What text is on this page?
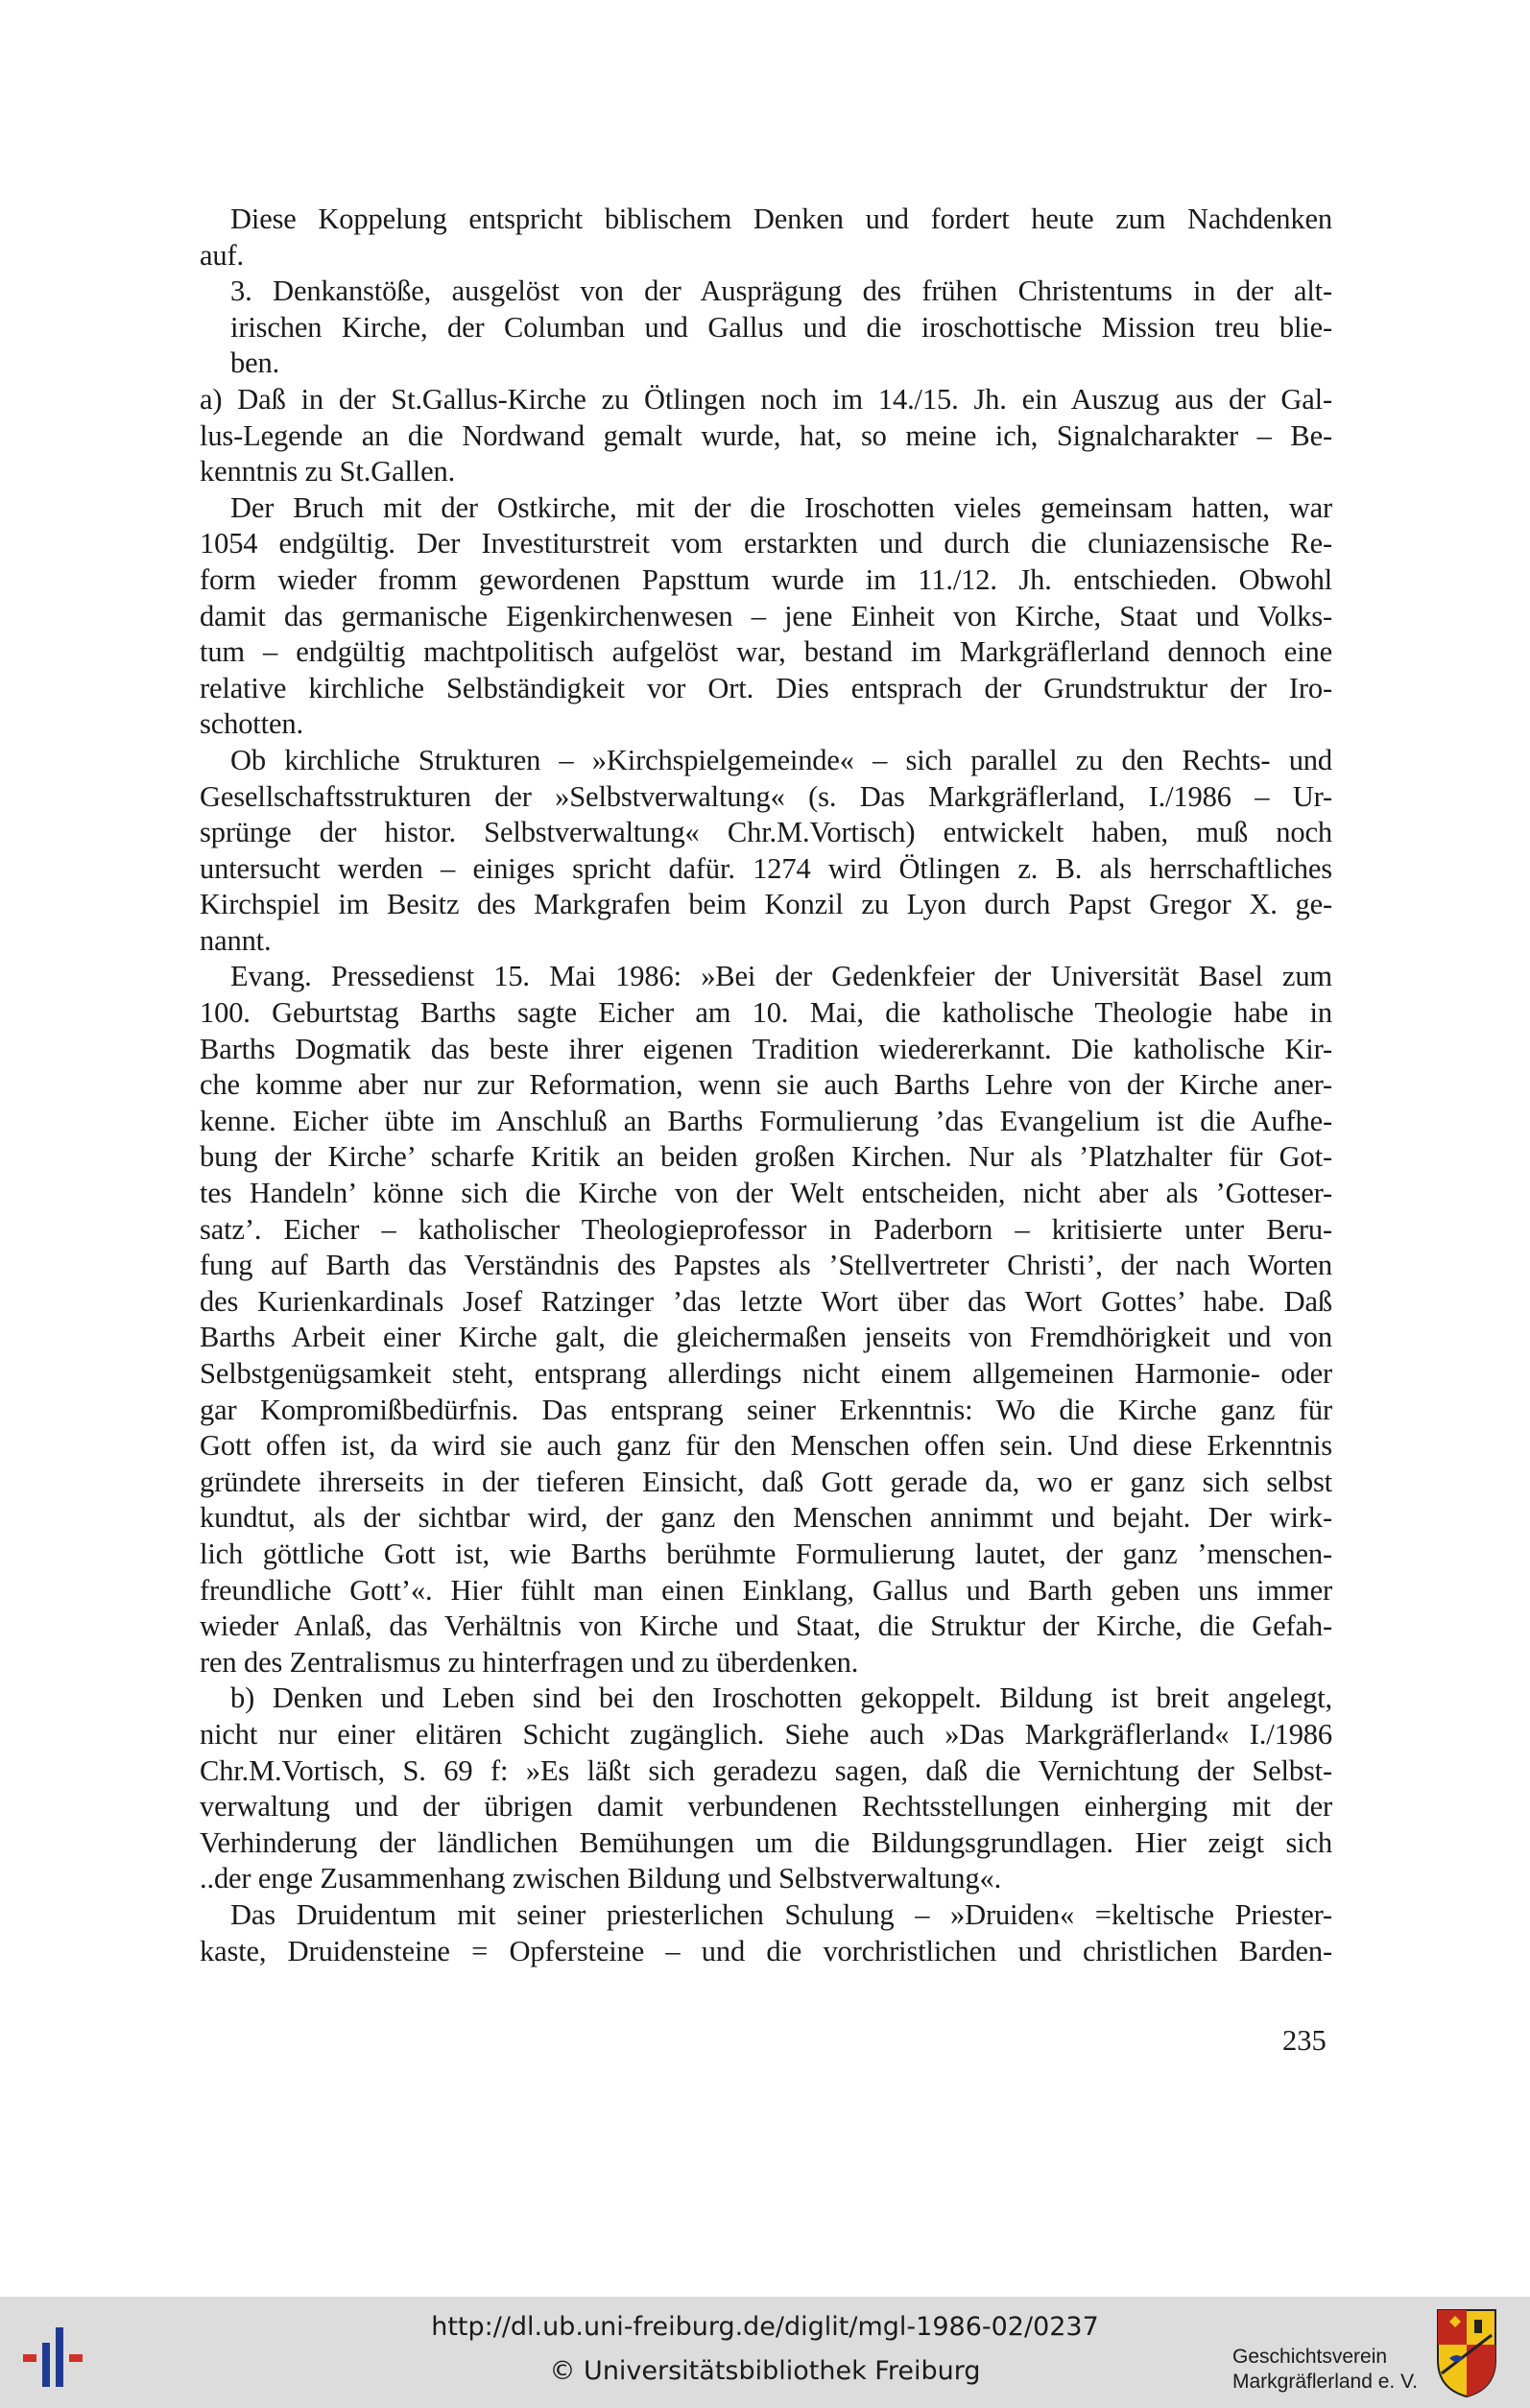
Diese Koppelung entspricht biblischem Denken und fordert heute zum Nachdenken
auf.
3. Denkanstöße, ausgelöst von der Ausprägung des frühen Christentums in der alt-
irischen Kirche, der Columban und Gallus und die iroschottische Mission treu blie-
ben.
a) Daß in der St.Gallus-Kirche zu Ötlingen noch im 14./15. Jh. ein Auszug aus der Gal-
lus-Legende an die Nordwand gemalt wurde, hat, so meine ich, Signalcharakter – Be-
kenntnis zu St.Gallen.
Der Bruch mit der Ostkirche, mit der die Iroschotten vieles gemeinsam hatten, war
1054 endgültig. Der Investiturstreit vom erstarkten und durch die cluniazensische Re-
form wieder fromm gewordenen Papsttum wurde im 11./12. Jh. entschieden. Obwohl
damit das germanische Eigenkirchenwesen – jene Einheit von Kirche, Staat und Volks-
tum – endgültig machtpolitisch aufgelöst war, bestand im Markgräflerland dennoch eine
relative kirchliche Selbständigkeit vor Ort. Dies entsprach der Grundstruktur der Iro-
schotten.
Ob kirchliche Strukturen – »Kirchspielgemeinde« – sich parallel zu den Rechts- und
Gesellschaftsstrukturen der »Selbstverwaltung« (s. Das Markgräflerland, I./1986 – Ur-
sprünge der histor. Selbstverwaltung« Chr.M.Vortisch) entwickelt haben, muß noch
untersucht werden – einiges spricht dafür. 1274 wird Ötlingen z. B. als herrschaftliches
Kirchspiel im Besitz des Markgrafen beim Konzil zu Lyon durch Papst Gregor X. ge-
nannt.
Evang. Pressedienst 15. Mai 1986: »Bei der Gedenkfeier der Universität Basel zum
100. Geburtstag Barths sagte Eicher am 10. Mai, die katholische Theologie habe in
Barths Dogmatik das beste ihrer eigenen Tradition wiedererkannt. Die katholische Kir-
che komme aber nur zur Reformation, wenn sie auch Barths Lehre von der Kirche aner-
kenne. Eicher übte im Anschluß an Barths Formulierung ’das Evangelium ist die Aufhe-
bung der Kirche’ scharfe Kritik an beiden großen Kirchen. Nur als ’Platzhalter für Got-
tes Handeln’ könne sich die Kirche von der Welt entscheiden, nicht aber als ’Gotteser-
satz’. Eicher – katholischer Theologieprofessor in Paderborn – kritisierte unter Beru-
fung auf Barth das Verständnis des Papstes als ’Stellvertreter Christi’, der nach Worten
des Kurienkardinals Josef Ratzinger ’das letzte Wort über das Wort Gottes’ habe. Daß
Barths Arbeit einer Kirche galt, die gleichermaßen jenseits von Fremdhörigkeit und von
Selbstgenügsamkeit steht, entsprang allerdings nicht einem allgemeinen Harmonie- oder
gar Kompromißbedürfnis. Das entsprang seiner Erkenntnis: Wo die Kirche ganz für
Gott offen ist, da wird sie auch ganz für den Menschen offen sein. Und diese Erkenntnis
gründete ihrerseits in der tieferen Einsicht, daß Gott gerade da, wo er ganz sich selbst
kundtut, als der sichtbar wird, der ganz den Menschen annimmt und bejaht. Der wirk-
lich göttliche Gott ist, wie Barths berühmte Formulierung lautet, der ganz ’menschen-
freundliche Gott’«. Hier fühlt man einen Einklang, Gallus und Barth geben uns immer
wieder Anlaß, das Verhältnis von Kirche und Staat, die Struktur der Kirche, die Gefah-
ren des Zentralismus zu hinterfragen und zu überdenken.
b) Denken und Leben sind bei den Iroschotten gekoppelt. Bildung ist breit angelegt,
nicht nur einer elitären Schicht zugänglich. Siehe auch »Das Markgräflerland« I./1986
Chr.M.Vortisch, S. 69 f: »Es läßt sich geradezu sagen, daß die Vernichtung der Selbst-
verwaltung und der übrigen damit verbundenen Rechtsstellungen einherging mit der
Verhinderung der ländlichen Bemühungen um die Bildungsgrundlagen. Hier zeigt sich
..der enge Zusammenhang zwischen Bildung und Selbstverwaltung«.
Das Druidentum mit seiner priesterlichen Schulung – »Druiden« =keltische Priester-
kaste, Druidensteine = Opfersteine – und die vorchristlichen und christlichen Barden-
235
http://dl.ub.uni-freiburg.de/diglit/mgl-1986-02/0237
© Universitätsbibliothek Freiburg	Geschichtsverein
Markgräflerland e. V.
